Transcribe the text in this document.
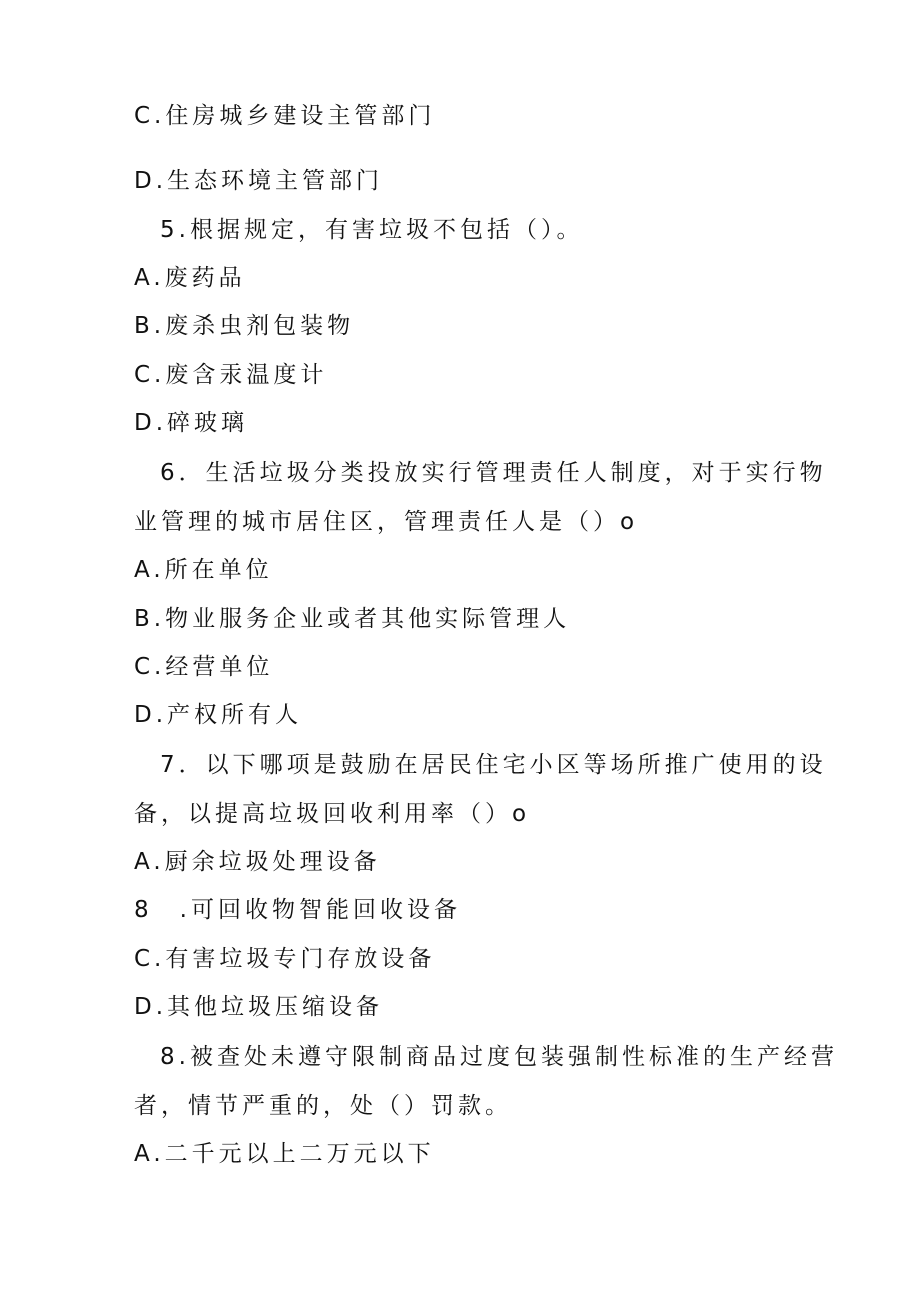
C.住房城乡建设主管部门
D.生态环境主管部门
5.根据规定，有害垃圾不包括（）。
A.废药品
B.废杀虫剂包装物
C.废含汞温度计
D.碎玻璃
6．生活垃圾分类投放实行管理责任人制度，对于实行物
业管理的城市居住区，管理责任人是（）o
A.所在单位
B.物业服务企业或者其他实际管理人
C.经营单位
D.产权所有人
7．以下哪项是鼓励在居民住宅小区等场所推广使用的设
备，以提高垃圾回收利用率（）o
A.厨余垃圾处理设备
8　.可回收物智能回收设备
C.有害垃圾专门存放设备
D.其他垃圾压缩设备
8.被查处未遵守限制商品过度包装强制性标准的生产经营
者，情节严重的，处（）罚款。
A.二千元以上二万元以下
